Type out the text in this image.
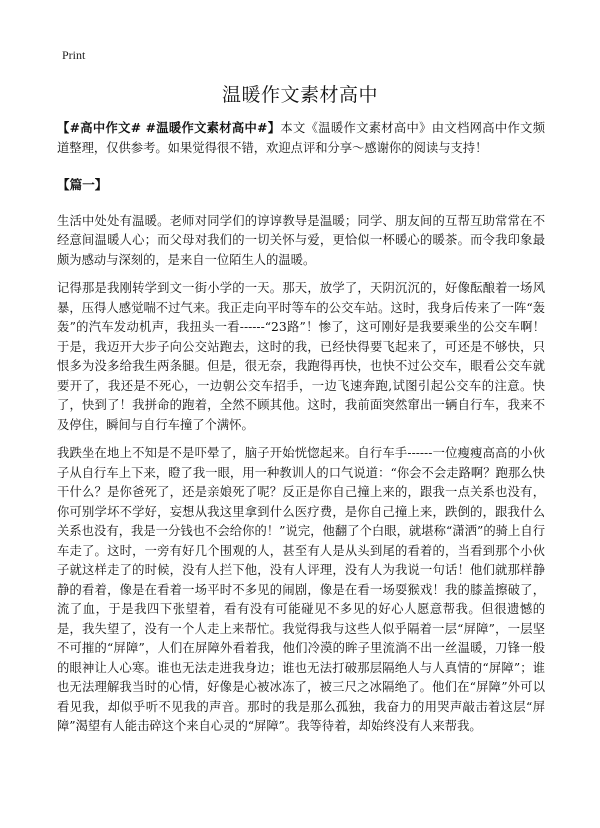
Print
温暖作文素材高中

【#高中作文# #温暖作文素材高中#】本文《温暖作文素材高中》由文档网高中作文频道整理，仅供参考。如果觉得很不错，欢迎点评和分享～感谢你的阅读与支持！

【篇一】

生活中处处有温暖。老师对同学们的谆谆教导是温暖；同学、朋友间的互帮互助常常在不经意间温暖人心；而父母对我们的一切关怀与爱，更恰似一杯暖心的暖茶。而令我印象最颇为感动与深刻的，是来自一位陌生人的温暖。

记得那是我刚转学到文一街小学的一天。那天，放学了，天阴沉沉的，好像酝酿着一场风暴，压得人感觉喘不过气来。我正走向平时等车的公交车站。这时，我身后传来了一阵“轰轰”的汽车发动机声，我扭头一看------“23路”！惨了，这可刚好是我要乘坐的公交车啊！于是，我迈开大步子向公交站跑去，这时的我，已经快得要飞起来了，可还是不够快，只恨多为没多给我生两条腿。但是，很无奈，我跑得再快，也快不过公交车，眼看公交车就要开了，我还是不死心，一边朝公交车招手，一边飞速奔跑,试图引起公交车的注意。快了，快到了！我拼命的跑着，全然不顾其他。这时，我前面突然窜出一辆自行车，我来不及停住，瞬间与自行车撞了个满怀。

我跌坐在地上不知是不是吓晕了，脑子开始恍惚起来。自行车手------一位瘦瘦高高的小伙子从自行车上下来，瞪了我一眼，用一种教训人的口气说道：“你会不会走路啊？跑那么快干什么？是你爸死了，还是亲娘死了呢？反正是你自己撞上来的，跟我一点关系也没有，你可别学坏不学好，妄想从我这里拿到什么医疗费，是你自己撞上来，跌倒的，跟我什么关系也没有，我是一分钱也不会给你的！”说完，他翻了个白眼，就堪称“潇洒”的骑上自行车走了。这时，一旁有好几个围观的人，甚至有人是从头到尾的看着的，当看到那个小伙子就这样走了的时候，没有人拦下他，没有人评理，没有人为我说一句话！他们就那样静静的看着，像是在看着一场平时不多见的闹剧，像是在看一场耍猴戏！我的膝盖擦破了，流了血，于是我四下张望着，看有没有可能碰见不多见的好心人愿意帮我。但很遗憾的是，我失望了，没有一个人走上来帮忙。我觉得我与这些人似乎隔着一层“屏障”，一层坚不可摧的“屏障”，人们在屏障外看着我，他们冷漠的眸子里流淌不出一丝温暖，刀锋一般的眼神让人心寒。谁也无法走进我身边；谁也无法打破那层隔绝人与人真情的“屏障”；谁也无法理解我当时的心情，好像是心被冰冻了，被三尺之冰隔绝了。他们在“屏障”外可以看见我，却似乎听不见我的声音。那时的我是那么孤独，我奋力的用哭声敲击着这层“屏障”渴望有人能击碎这个来自心灵的“屏障”。我等待着，却始终没有人来帮我。
